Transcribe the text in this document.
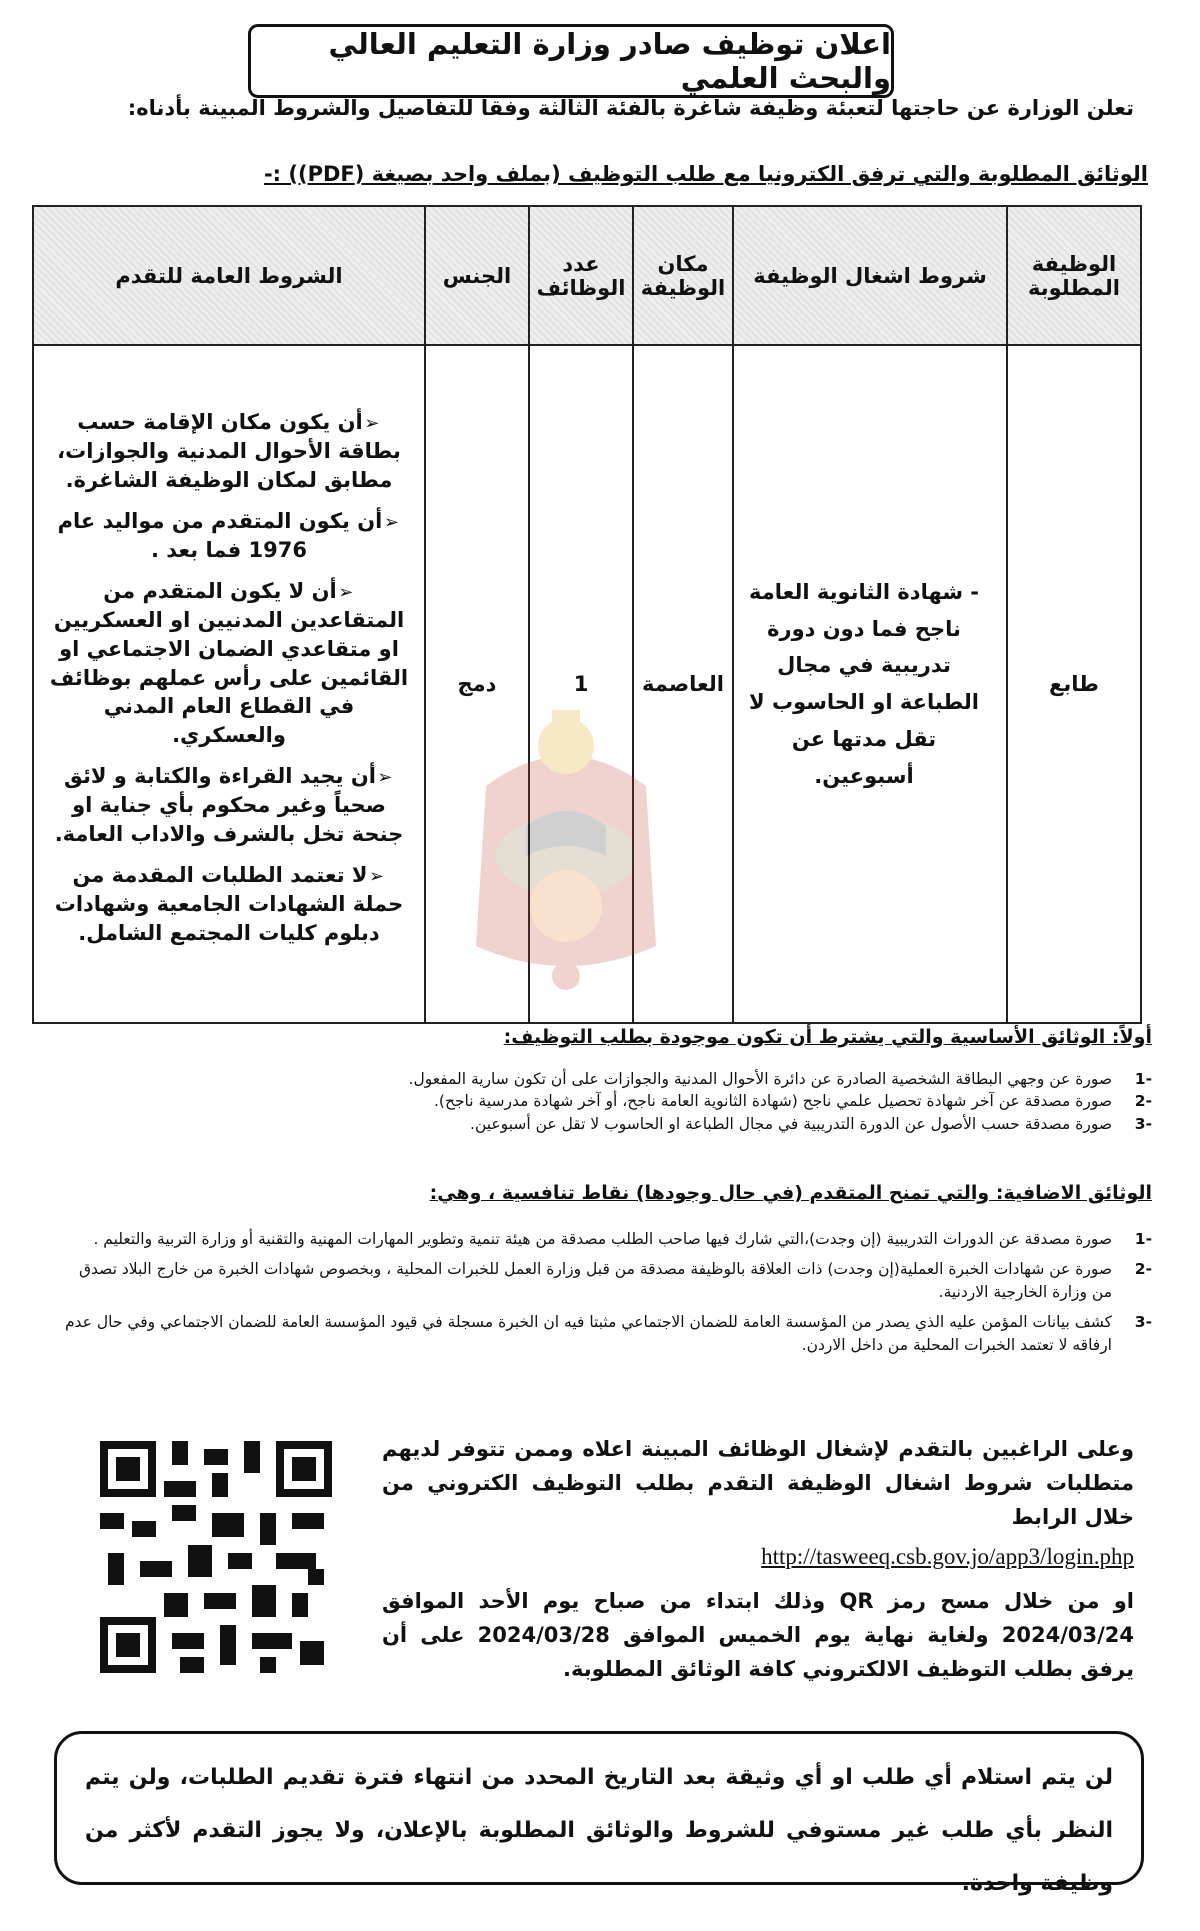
اعلان توظيف صادر وزارة التعليم العالي والبحث العلمي
تعلن الوزارة عن حاجتها لتعبئة وظيفة شاغرة بالفئة الثالثة وفقا للتفاصيل والشروط المبينة بأدناه:
الوثائق المطلوبة والتي ترفق الكترونيا مع طلب التوظيف (بملف واحد بصيغة (PDF)) :-
الوظيفة المطلوبة	شروط اشغال الوظيفة	مكان الوظيفة	عدد الوظائف	الجنس	الشروط العامة للتقدم
طابع	- شهادة الثانوية العامة ناجح فما دون دورة تدريبية في مجال الطباعة او الحاسوب لا تقل مدتها عن أسبوعين.	العاصمة	1	دمج	➢أن يكون مكان الإقامة حسب بطاقة الأحوال المدنية والجوازات، مطابق لمكان الوظيفة الشاغرة.

➢أن يكون المتقدم من مواليد عام 1976 فما بعد .

➢أن لا يكون المتقدم من المتقاعدين المدنيين او العسكريين او متقاعدي الضمان الاجتماعي او القائمين على رأس عملهم بوظائف في القطاع العام المدني والعسكري.

➢أن يجيد القراءة والكتابة و لائق صحياً وغير محكوم بأي جناية او جنحة تخل بالشرف والاداب العامة.

➢لا تعتمد الطلبات المقدمة من حملة الشهادات الجامعية وشهادات دبلوم كليات المجتمع الشامل.

أولاً: الوثائق الأساسية والتي يشترط أن تكون موجودة بطلب التوظيف:
-1
صورة عن وجهي البطاقة الشخصية الصادرة عن دائرة الأحوال المدنية والجوازات على أن تكون سارية المفعول.
-2
صورة مصدقة عن آخر شهادة تحصيل علمي ناجح (شهادة الثانوية العامة ناجح، أو آخر شهادة مدرسية ناجح).
-3
صورة مصدقة حسب الأصول عن الدورة التدريبية في مجال الطباعة او الحاسوب لا تقل عن أسبوعين.
الوثائق الاضافية: والتي تمنح المتقدم (في حال وجودها) نقاط تنافسية ، وهي:
-1
صورة مصدقة عن الدورات التدريبية (إن وجدت)،التي شارك فيها صاحب الطلب مصدقة من هيئة تنمية وتطوير المهارات المهنية والتقنية أو وزارة التربية والتعليم .
-2
صورة عن شهادات الخبرة العملية(إن وجدت) ذات العلاقة بالوظيفة مصدقة من قبل وزارة العمل للخبرات المحلية ، وبخصوص شهادات الخبرة من خارج البلاد تصدق من وزارة الخارجية الاردنية.
-3
كشف بيانات المؤمن عليه الذي يصدر من المؤسسة العامة للضمان الاجتماعي مثبتا فيه ان الخبرة مسجلة في قيود المؤسسة العامة للضمان الاجتماعي وفي حال عدم ارفاقه لا تعتمد الخبرات المحلية من داخل الاردن.
وعلى الراغبين بالتقدم لإشغال الوظائف المبينة اعلاه وممن تتوفر لديهم متطلبات شروط اشغال الوظيفة التقدم بطلب التوظيف الكتروني من خلال الرابط
http://tasweeq.csb.gov.jo/app3/login.php
او من خلال مسح رمز QR وذلك ابتداء من صباح يوم الأحد الموافق 2024/03/24 ولغاية نهاية يوم الخميس الموافق 2024/03/28 على أن يرفق بطلب التوظيف الالكتروني كافة الوثائق المطلوبة.
لن يتم استلام أي طلب او أي وثيقة بعد التاريخ المحدد من انتهاء فترة تقديم الطلبات، ولن يتم النظر بأي طلب غير مستوفي للشروط والوثائق المطلوبة بالإعلان، ولا يجوز التقدم لأكثر من وظيفة واحدة.
